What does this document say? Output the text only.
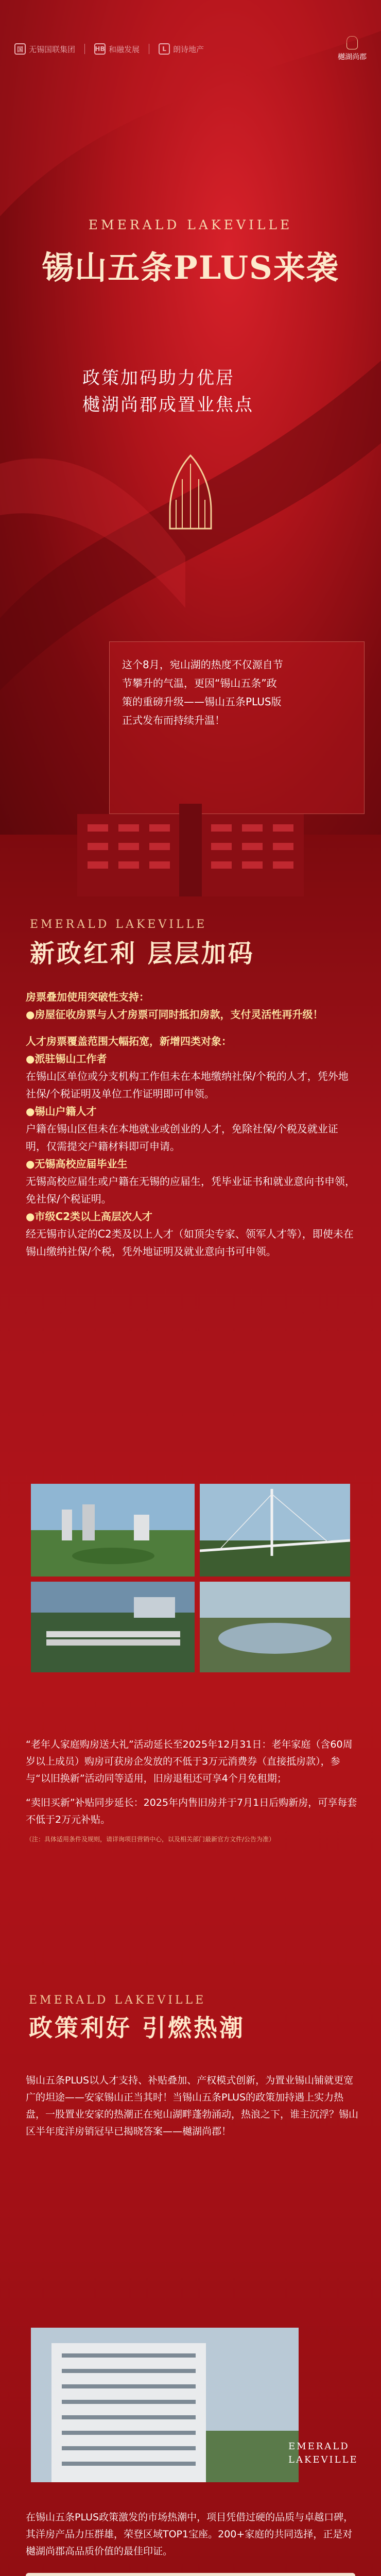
国 无锡国联集团	HB 和融发展	L 朗诗地产
樾湖尚郡
EMERALD LAKEVILLE
锡山五条PLUS来袭
政策加码助力优居
樾湖尚郡成置业焦点

这个8月，宛山湖的热度不仅源自节

节攀升的气温，更因“锡山五条”政

策的重磅升级——锡山五条PLUS版

正式发布而持续升温！

EMERALD LAKEVILLE
新政红利 层层加码
房票叠加使用突破性支持：
●房屋征收房票与人才房票可同时抵扣房款，支付灵活性再升级！
人才房票覆盖范围大幅拓宽，新增四类对象：
●派驻锡山工作者
在锡山区单位或分支机构工作但未在本地缴纳社保/个税的人才，凭外地社保/个税证明及单位工作证明即可申领。
●锡山户籍人才
户籍在锡山区但未在本地就业或创业的人才，免除社保/个税及就业证明，仅需提交户籍材料即可申请。
●无锡高校应届毕业生
无锡高校应届生或户籍在无锡的应届生，凭毕业证书和就业意向书申领，免社保/个税证明。
●市级C2类以上高层次人才
经无锡市认定的C2类及以上人才（如顶尖专家、领军人才等），即使未在锡山缴纳社保/个税，凭外地证明及就业意向书可申领。

“老年人家庭购房送大礼”活动延长至2025年12月31日：老年家庭（含60周岁以上成员）购房可获房企发放的不低于3万元消费券（直接抵房款），参与“以旧换新”活动同等适用，旧房退租还可享4个月免租期；

“卖旧买新”补贴同步延长：2025年内售旧房并于7月1日后购新房，可享每套不低于2万元补贴。

（注：具体适用条件及规则，请详询项目营销中心，以及相关部门最新官方文件/公告为准）

EMERALD LAKEVILLE
政策利好 引燃热潮

锡山五条PLUS以人才支持、补贴叠加、产权模式创新，为置业锡山铺就更宽广的坦途——安家锡山正当其时！当锡山五条PLUS的政策加持遇上实力热盘，一股置业安家的热潮正在宛山湖畔蓬勃涌动，热浪之下，谁主沉浮？锡山区半年度洋房销冠早已揭晓答案——樾湖尚郡！

EMERALD
LAKEVILLE

在锡山五条PLUS政策激发的市场热潮中，项目凭借过硬的品质与卓越口碑，其洋房产品力压群雄，荣登区域TOP1宝座。200+家庭的共同选择，正是对樾湖尚郡高品质价值的最佳印证。
